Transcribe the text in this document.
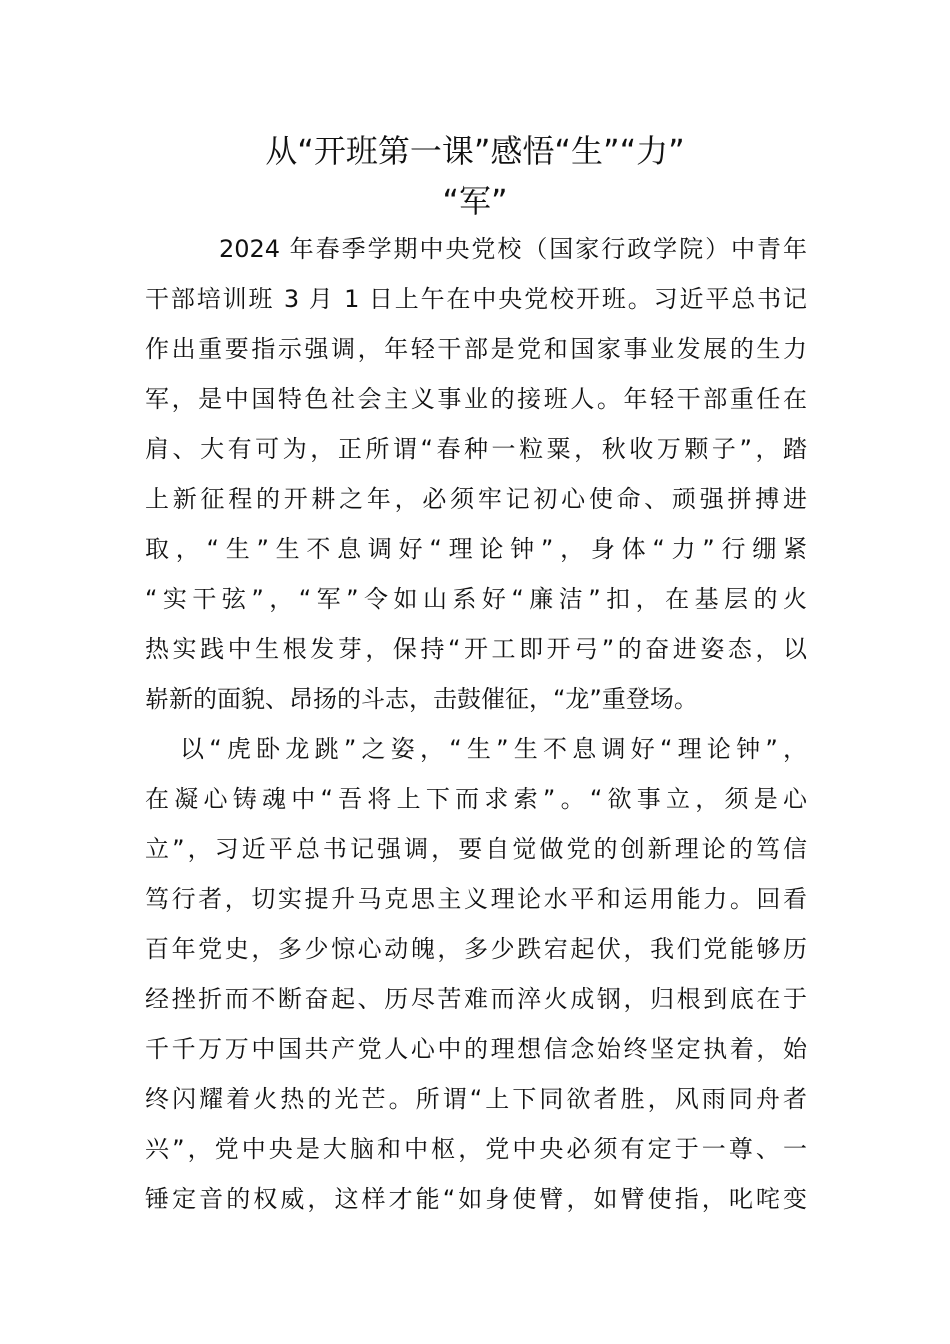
从“开班第一课”感悟“生”“力”
“军”
2024 年春季学期中央党校（国家行政学院）中青年
干部培训班 3 月 1 日上午在中央党校开班。习近平总书记
作出重要指示强调，年轻干部是党和国家事业发展的生力
军，是中国特色社会主义事业的接班人。年轻干部重任在
肩、大有可为，正所谓“春种一粒粟，秋收万颗子”，踏
上新征程的开耕之年，必须牢记初心使命、顽强拼搏进
取，“生”生不息调好“理论钟”，身体“力”行绷紧
“实干弦”，“军”令如山系好“廉洁”扣，在基层的火
热实践中生根发芽，保持“开工即开弓”的奋进姿态，以
崭新的面貌、昂扬的斗志，击鼓催征，“龙”重登场。
以“虎卧龙跳”之姿，“生”生不息调好“理论钟”，
在凝心铸魂中“吾将上下而求索”。“欲事立，须是心
立”，习近平总书记强调，要自觉做党的创新理论的笃信
笃行者，切实提升马克思主义理论水平和运用能力。回看
百年党史，多少惊心动魄，多少跌宕起伏，我们党能够历
经挫折而不断奋起、历尽苦难而淬火成钢，归根到底在于
千千万万中国共产党人心中的理想信念始终坚定执着，始
终闪耀着火热的光芒。所谓“上下同欲者胜，风雨同舟者
兴”，党中央是大脑和中枢，党中央必须有定于一尊、一
锤定音的权威，这样才能“如身使臂，如臂使指，叱咤变
